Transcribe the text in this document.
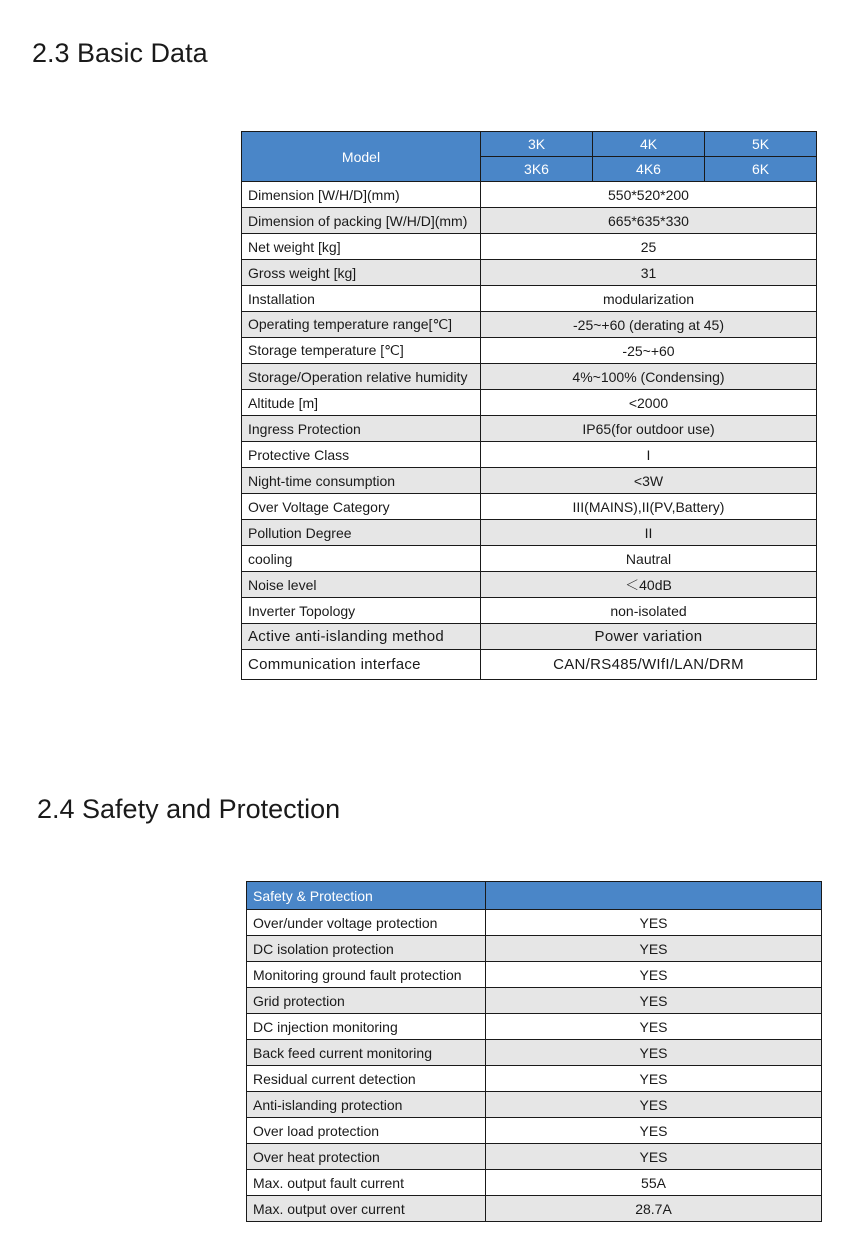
2.3 Basic Data
Model	3K	4K	5K
	3K6	4K6	6K
Dimension [W/H/D](mm)	550*520*200		
Dimension of packing [W/H/D](mm)	665*635*330		
Net weight [kg]	25		
Gross weight [kg]	31		
Installation	modularization		
Operating temperature range[℃]	-25~+60 (derating at 45)		
Storage temperature [℃]	-25~+60		
Storage/Operation relative humidity	4%~100% (Condensing)		
Altitude [m]	<2000		
Ingress Protection	IP65(for outdoor use)		
Protective Class	I		
Night-time consumption	<3W		
Over Voltage Category	III(MAINS),II(PV,Battery)		
Pollution Degree	II		
cooling	Nautral		
Noise level	＜40dB		
Inverter Topology	non-isolated		
Active anti-islanding method	Power variation		
Communication interface	CAN/RS485/WIfI/LAN/DRM		
2.4 Safety and Protection
Safety & Protection	
Over/under voltage protection	YES
DC isolation protection	YES
Monitoring ground fault protection	YES
Grid protection	YES
DC injection monitoring	YES
Back feed current monitoring	YES
Residual current detection	YES
Anti-islanding protection	YES
Over load protection	YES
Over heat protection	YES
Max. output fault current	55A
Max. output over current	28.7A
